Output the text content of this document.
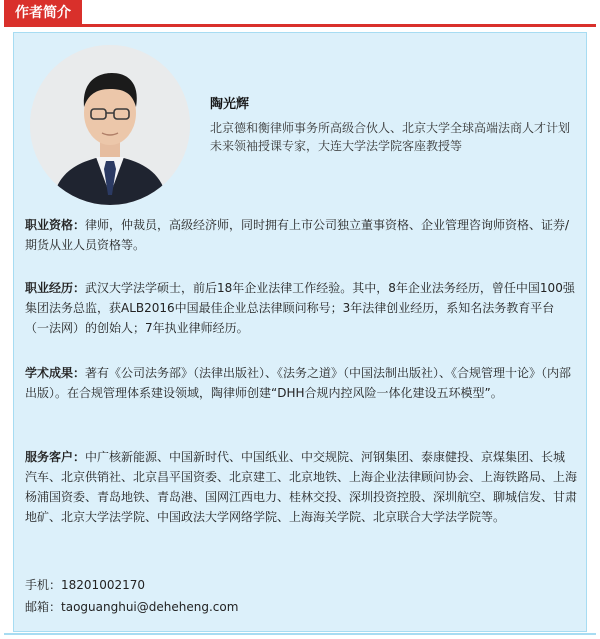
作者简介
陶光辉
北京德和衡律师事务所高级合伙人、北京大学全球高端法商人才计划未来领袖授课专家，大连大学法学院客座教授等
职业资格：律师，仲裁员，高级经济师，同时拥有上市公司独立董事资格、企业管理咨询师资格、证券/期货从业人员资格等。
职业经历：武汉大学法学硕士，前后18年企业法律工作经验。其中，8年企业法务经历，曾任中国100强集团法务总监，获ALB2016中国最佳企业总法律顾问称号；3年法律创业经历，系知名法务教育平台（一法网）的创始人；7年执业律师经历。
学术成果：著有《公司法务部》（法律出版社）、《法务之道》（中国法制出版社）、《合规管理十论》（内部出版）。在合规管理体系建设领域，陶律师创建“DHH合规内控风险一体化建设五环模型”。
服务客户：中广核新能源、中国新时代、中国纸业、中交规院、河钢集团、泰康健投、京煤集团、长城汽车、北京供销社、北京昌平国资委、北京建工、北京地铁、上海企业法律顾问协会、上海铁路局、上海杨浦国资委、青岛地铁、青岛港、国网江西电力、桂林交投、深圳投资控股、深圳航空、聊城信发、甘肃地矿、北京大学法学院、中国政法大学网络学院、上海海关学院、北京联合大学法学院等。
手机：18201002170
邮箱：taoguanghui@deheheng.com
